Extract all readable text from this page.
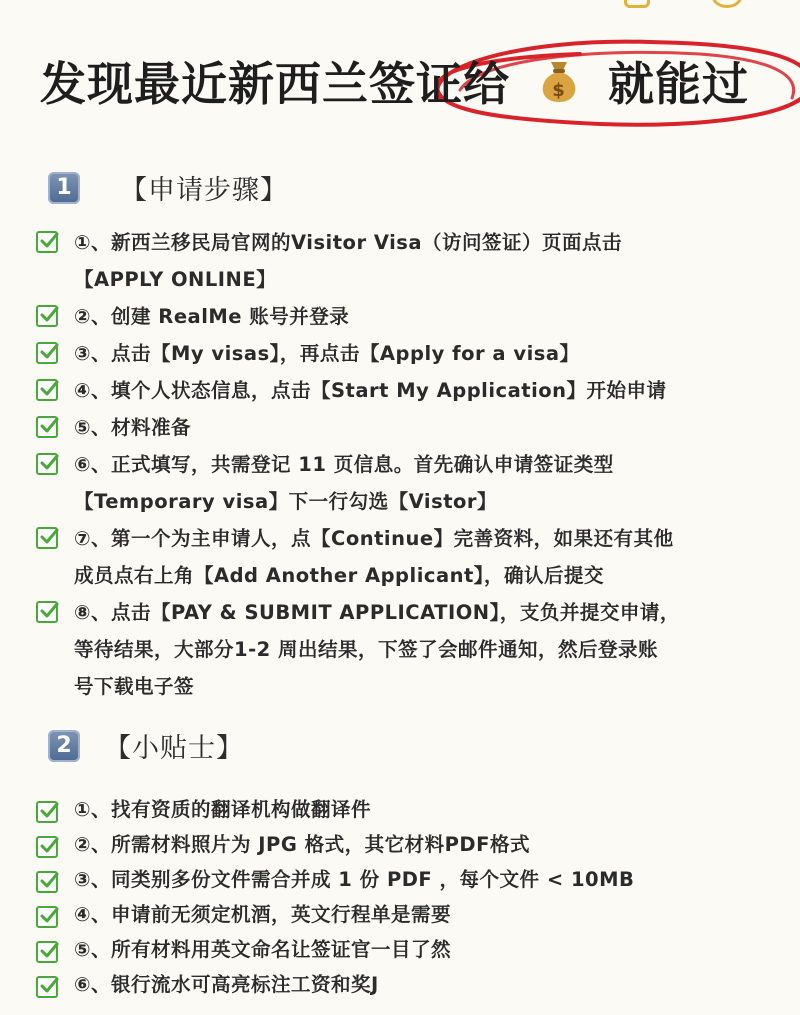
发现最近新西兰签证给 $ 就能过
1	【申请步骤】
①、新西兰移民局官网的Visitor Visa（访问签证）页面点击
【APPLY ONLINE】
②、创建 RealMe 账号并登录
③、点击【My visas】，再点击【Apply for a visa】
④、填个人状态信息，点击【Start My Application】开始申请
⑤、材料准备
⑥、正式填写，共需登记 11 页信息。首先确认申请签证类型
【Temporary visa】下一行勾选【Vistor】
⑦、第一个为主申请人，点【Continue】完善资料，如果还有其他
成员点右上角【Add Another Applicant】，确认后提交
⑧、点击【PAY & SUBMIT APPLICATION】，支负并提交申请，
等待结果，大部分1-2 周出结果，下签了会邮件通知，然后登录账
号下载电子签
2	【小贴士】
①、找有资质的翻译机构做翻译件
②、所需材料照片为 JPG 格式，其它材料PDF格式
③、同类别多份文件需合并成 1 份 PDF ，每个文件 < 10MB
④、申请前无须定机酒，英文行程单是需要
⑤、所有材料用英文命名让签证官一目了然
⑥、银行流水可高亮标注工资和奖J
